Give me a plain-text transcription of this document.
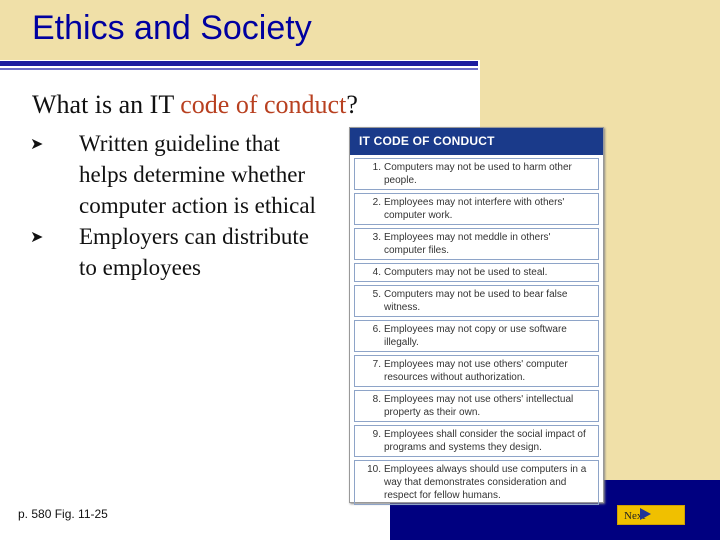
Ethics and Society
What is an IT code of conduct?
➤ Written guideline that helps determine whether computer action is ethical
➤ Employers can distribute to employees
IT CODE OF CONDUCT
1. Computers may not be used to harm other people.
2. Employees may not interfere with others' computer work.
3. Employees may not meddle in others' computer files.
4. Computers may not be used to steal.
5. Computers may not be used to bear false witness.
6. Employees may not copy or use software illegally.
7. Employees may not use others' computer resources without authorization.
8. Employees may not use others' intellectual property as their own.
9. Employees shall consider the social impact of programs and systems they design.
10. Employees always should use computers in a way that demonstrates consideration and respect for fellow humans.
p. 580 Fig. 11-25	Next
